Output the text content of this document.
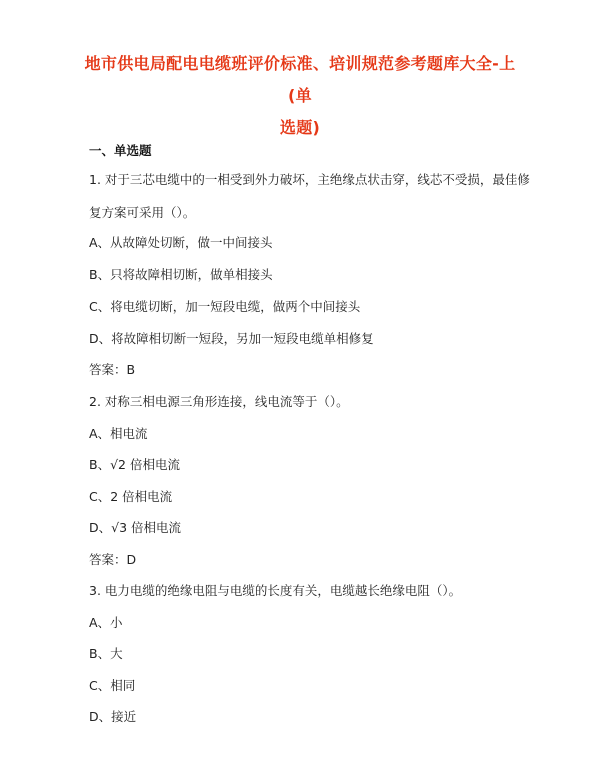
地市供电局配电电缆班评价标准、培训规范参考题库大全-上(单
选题)
一、单选题
1. 对于三芯电缆中的一相受到外力破坏，主绝缘点状击穿，线芯不受损，最佳修
复方案可采用（）。
A、从故障处切断，做一中间接头
B、只将故障相切断，做单相接头
C、将电缆切断，加一短段电缆，做两个中间接头
D、将故障相切断一短段，另加一短段电缆单相修复
答案：B
2. 对称三相电源三角形连接，线电流等于（）。
A、相电流
B、√2 倍相电流
C、2 倍相电流
D、√3 倍相电流
答案：D
3. 电力电缆的绝缘电阻与电缆的长度有关，电缆越长绝缘电阻（）。
A、小
B、大
C、相同
D、接近
